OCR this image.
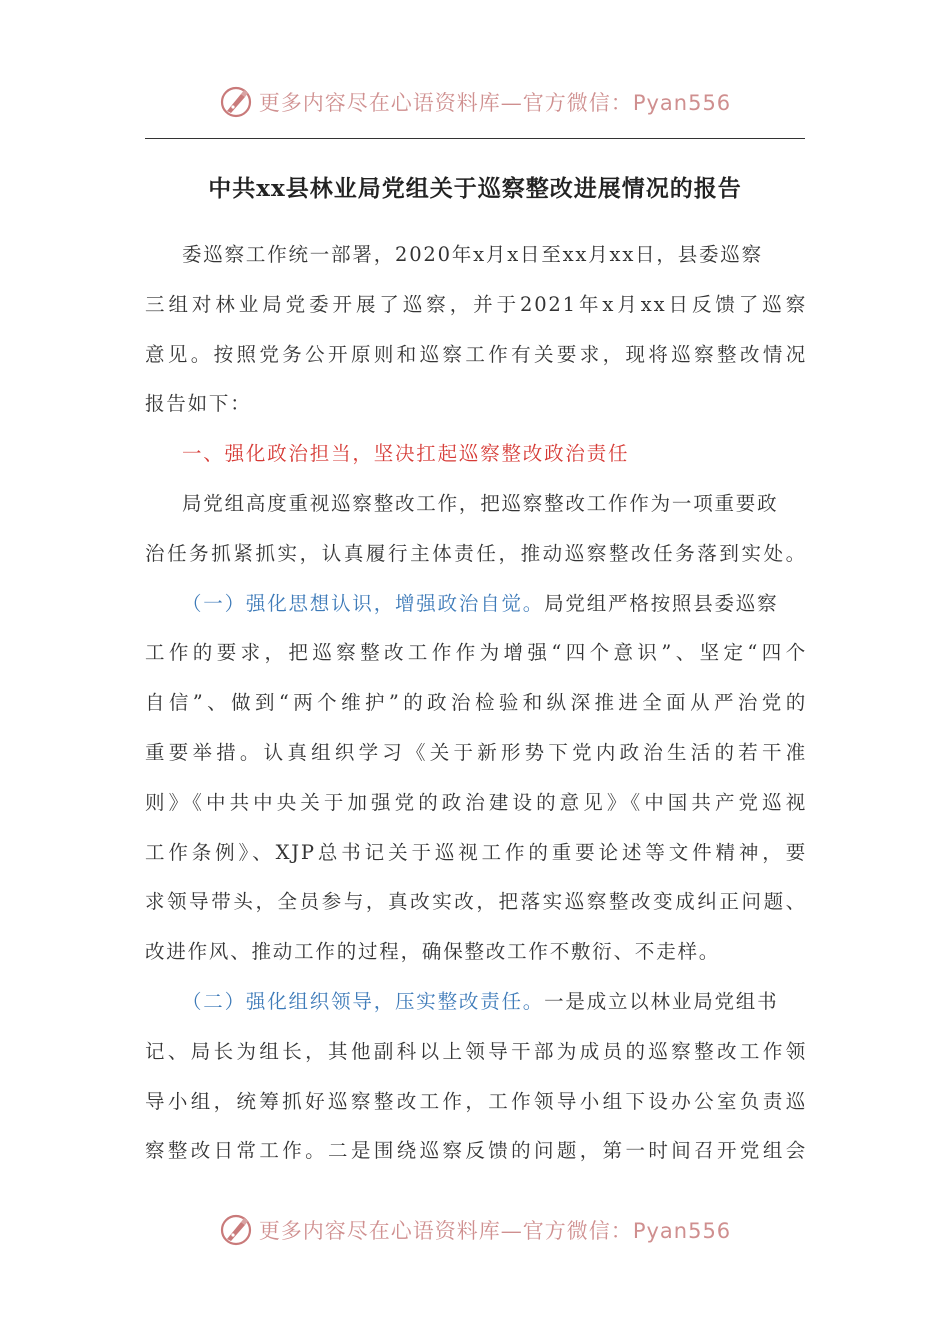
更多内容尽在心语资料库—官方微信：Pyan556
中共xx县林业局党组关于巡察整改进展情况的报告
委巡察工作统一部署，2020年x月x日至xx月xx日，县委巡察
三组对林业局党委开展了巡察，并于2021年x月xx日反馈了巡察
意见。按照党务公开原则和巡察工作有关要求，现将巡察整改情况
报告如下：
一、强化政治担当，坚决扛起巡察整改政治责任
局党组高度重视巡察整改工作，把巡察整改工作作为一项重要政
治任务抓紧抓实，认真履行主体责任，推动巡察整改任务落到实处。
（一）强化思想认识，增强政治自觉。局党组严格按照县委巡察
工作的要求，把巡察整改工作作为增强“四个意识”、坚定“四个
自信”、做到“两个维护”的政治检验和纵深推进全面从严治党的
重要举措。认真组织学习《关于新形势下党内政治生活的若干准
则》《中共中央关于加强党的政治建设的意见》《中国共产党巡视
工作条例》、XJP总书记关于巡视工作的重要论述等文件精神，要
求领导带头，全员参与，真改实改，把落实巡察整改变成纠正问题、
改进作风、推动工作的过程，确保整改工作不敷衍、不走样。
（二）强化组织领导，压实整改责任。一是成立以林业局党组书
记、局长为组长，其他副科以上领导干部为成员的巡察整改工作领
导小组，统筹抓好巡察整改工作，工作领导小组下设办公室负责巡
察整改日常工作。二是围绕巡察反馈的问题，第一时间召开党组会
更多内容尽在心语资料库—官方微信：Pyan556
